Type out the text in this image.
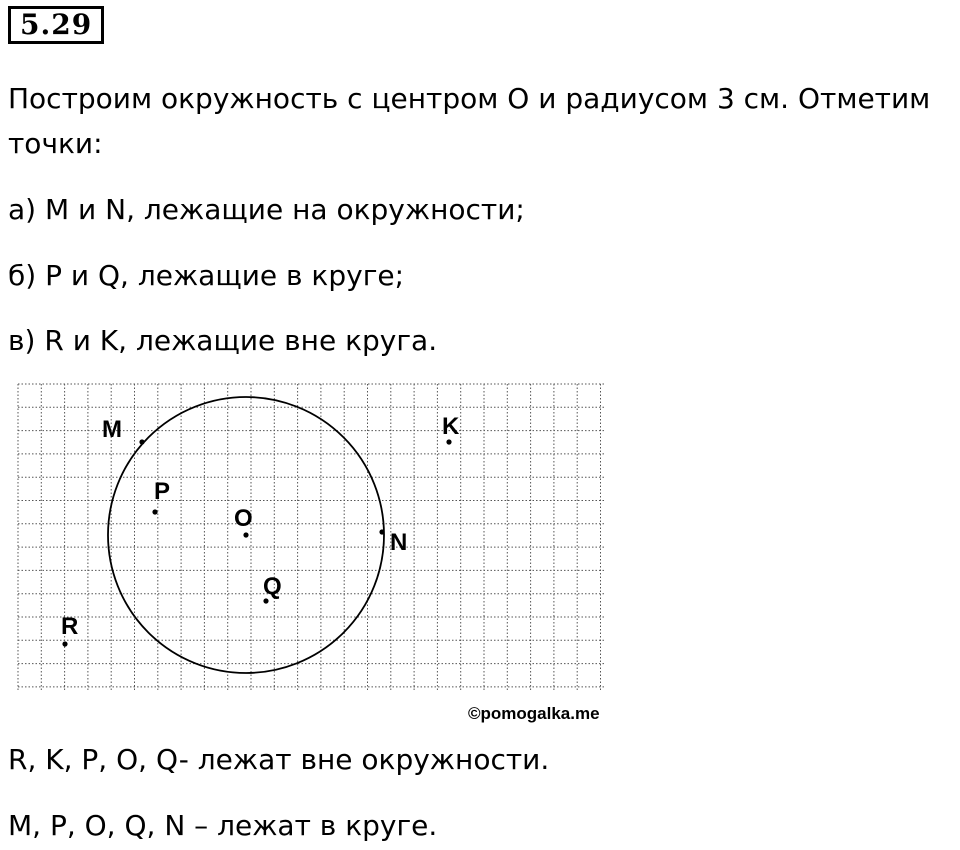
5.29
Построим окружность с центром O и радиусом 3 см. Отметим
точки:
а) M и N, лежащие на окружности;
б) P и Q, лежащие в круге;
в) R и K, лежащие вне круга.
M	K
P
O
N
Q
R
©pomogalka.me
R, K, P, O, Q- лежат вне окружности.
M, P, O, Q, N – лежат в круге.
